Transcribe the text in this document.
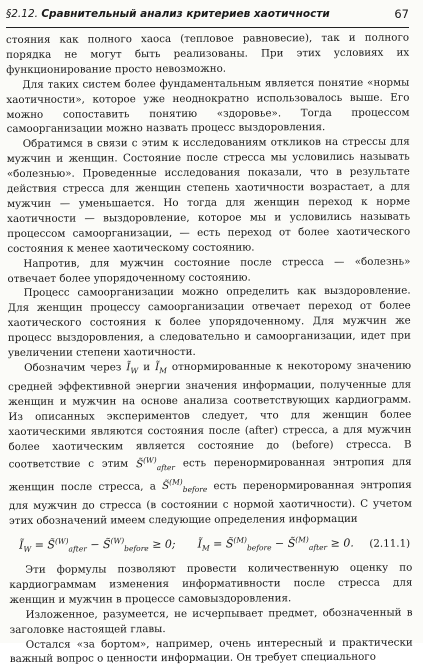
§2.12. Сравнительный анализ критериев хаотичности	67

стояния как полного хаоса (тепловое равновесие), так и полного порядка не могут быть реализованы. При этих условиях их функционирование просто невозможно.

Для таких систем более фундаментальным является понятие «нормы хаотичности», которое уже неоднократно использовалось выше. Его можно сопоставить понятию «здоровье». Тогда процессом самоорганизации можно назвать процесс выздоровления.

Обратимся в связи с этим к исследованиям откликов на стрессы для мужчин и женщин. Состояние после стресса мы условились называть «болезнью». Проведенные исследования показали, что в результате действия стресса для женщин степень хаотичности возрастает, а для мужчин — уменьшается. Но тогда для женщин переход к норме хаотичности — выздоровление, которое мы и условились называть процессом самоорганизации, — есть переход от более хаотического состояния к менее хаотическому состоянию.

Напротив, для мужчин состояние после стресса — «болезнь» отвечает более упорядоченному состоянию.

Процесс самоорганизации можно определить как выздоровление. Для женщин процессу самоорганизации отвечает переход от более хаотического состояния к более упорядоченному. Для мужчин же процесс выздоровления, а следовательно и самоорганизации, идет при увеличении степени хаотичности.

Обозначим через $Ĩ_W$ и $Ĩ_M$ отнормированные к некоторому значению средней эффективной энергии значения информации, полученные для женщин и мужчин на основе анализа соответствующих кардиограмм. Из описанных экспериментов следует, что для женщин более хаотическими являются состояния после (after) стресса, а для мужчин более хаотическим является состояние до (before) стресса. В соответствие с этим S̃$^{(W)}_{after}$ есть перенормированная энтропия для женщин после стресса, а S̃$^{(M)}_{before}$ есть перенормированная энтропия для мужчин до стресса (в состоянии с нормой хаотичности). С учетом этих обозначений имеем следующие определения информации

$Ĩ_W$ = S̃$^{(W)}_{after}$ − S̃$^{(W)}_{before}$ ≥ 0; $Ĩ_M$ = S̃$^{(M)}_{before}$ − S̃$^{(M)}_{after}$ ≥ 0. (2.11.1)

Эти формулы позволяют провести количественную оценку по кардиограммам изменения информативности после стресса для женщин и мужчин в процессе самовыздоровления.

Изложенное, разумеется, не исчерпывает предмет, обозначенный в заголовке настоящей главы.

Остался «за бортом», например, очень интересный и практически важный вопрос о ценности информации. Он требует специального
